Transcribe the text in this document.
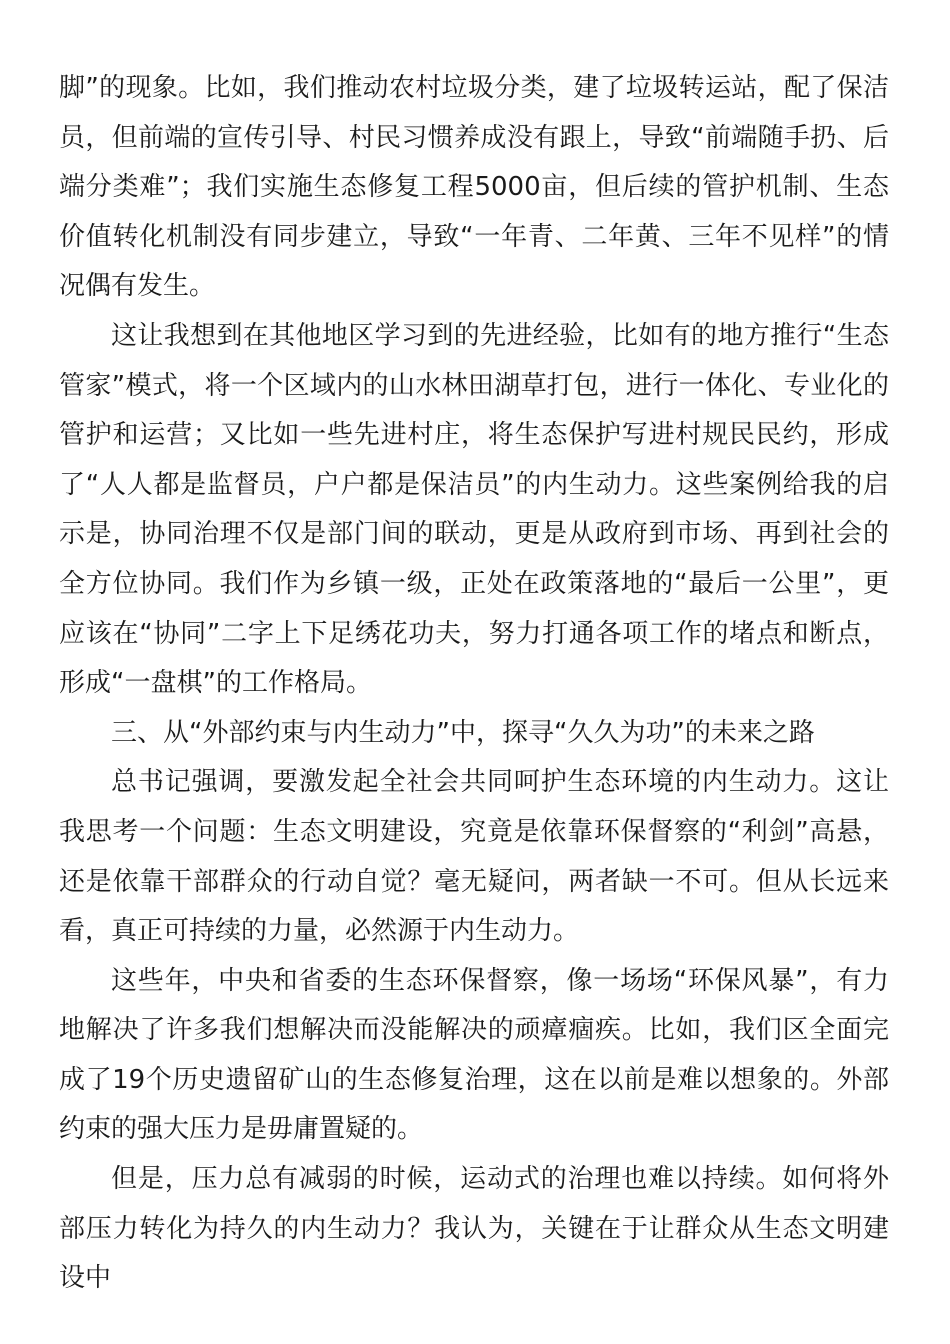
脚”的现象。比如，我们推动农村垃圾分类，建了垃圾转运站，配了保洁员，但前端的宣传引导、村民习惯养成没有跟上，导致“前端随手扔、后端分类难”；我们实施生态修复工程5000亩，但后续的管护机制、生态价值转化机制没有同步建立，导致“一年青、二年黄、三年不见样”的情况偶有发生。

这让我想到在其他地区学习到的先进经验，比如有的地方推行“生态管家”模式，将一个区域内的山水林田湖草打包，进行一体化、专业化的管护和运营；又比如一些先进村庄，将生态保护写进村规民民约，形成了“人人都是监督员，户户都是保洁员”的内生动力。这些案例给我的启示是，协同治理不仅是部门间的联动，更是从政府到市场、再到社会的全方位协同。我们作为乡镇一级，正处在政策落地的“最后一公里”，更应该在“协同”二字上下足绣花功夫，努力打通各项工作的堵点和断点，形成“一盘棋”的工作格局。

三、从“外部约束与内生动力”中，探寻“久久为功”的未来之路

总书记强调，要激发起全社会共同呵护生态环境的内生动力。这让我思考一个问题：生态文明建设，究竟是依靠环保督察的“利剑”高悬，还是依靠干部群众的行动自觉？毫无疑问，两者缺一不可。但从长远来看，真正可持续的力量，必然源于内生动力。

这些年，中央和省委的生态环保督察，像一场场“环保风暴”，有力地解决了许多我们想解决而没能解决的顽瘴痼疾。比如，我们区全面完成了19个历史遗留矿山的生态修复治理，这在以前是难以想象的。外部约束的强大压力是毋庸置疑的。

但是，压力总有减弱的时候，运动式的治理也难以持续。如何将外部压力转化为持久的内生动力？我认为，关键在于让群众从生态文明建设中
